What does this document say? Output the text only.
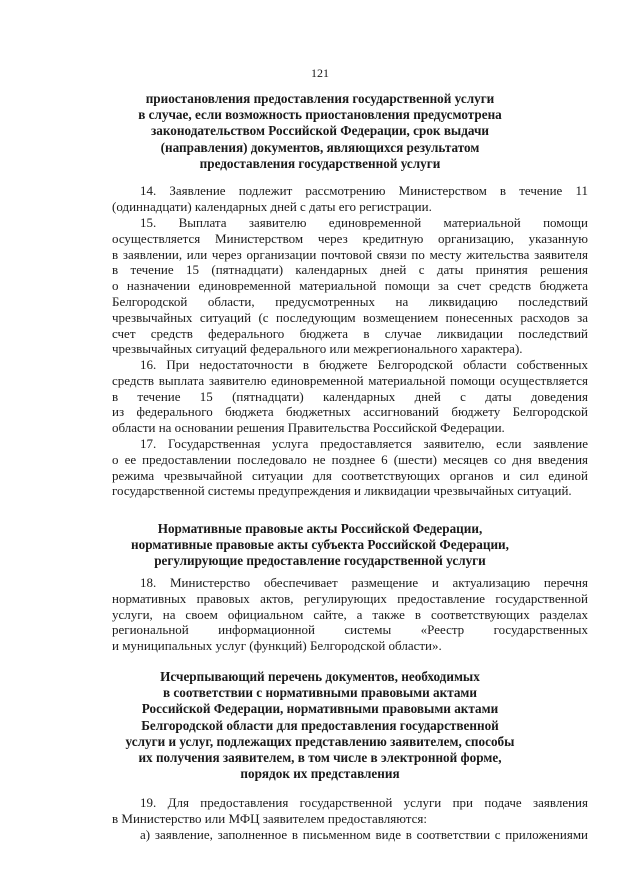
121
приостановления предоставления государственной услуги
в случае, если возможность приостановления предусмотрена
законодательством Российской Федерации, срок выдачи
(направления) документов, являющихся результатом
предоставления государственной услуги
14. Заявление подлежит рассмотрению Министерством в течение 11
(одиннадцати) календарных дней с даты его регистрации.
15. Выплата заявителю единовременной материальной помощи
осуществляется Министерством через кредитную организацию, указанную
в заявлении, или через организации почтовой связи по месту жительства заявителя
в течение 15 (пятнадцати) календарных дней с даты принятия решения
о назначении единовременной материальной помощи за счет средств бюджета
Белгородской области, предусмотренных на ликвидацию последствий
чрезвычайных ситуаций (с последующим возмещением понесенных расходов за
счет средств федерального бюджета в случае ликвидации последствий
чрезвычайных ситуаций федерального или межрегионального характера).
16. При недостаточности в бюджете Белгородской области собственных
средств выплата заявителю единовременной материальной помощи осуществляется
в течение 15 (пятнадцати) календарных дней с даты доведения
из федерального бюджета бюджетных ассигнований бюджету Белгородской
области на основании решения Правительства Российской Федерации.
17. Государственная услуга предоставляется заявителю, если заявление
о ее предоставлении последовало не позднее 6 (шести) месяцев со дня введения
режима чрезвычайной ситуации для соответствующих органов и сил единой
государственной системы предупреждения и ликвидации чрезвычайных ситуаций.
Нормативные правовые акты Российской Федерации,
нормативные правовые акты субъекта Российской Федерации,
регулирующие предоставление государственной услуги
18. Министерство обеспечивает размещение и актуализацию перечня
нормативных правовых актов, регулирующих предоставление государственной
услуги, на своем официальном сайте, а также в соответствующих разделах
региональной информационной системы «Реестр государственных
и муниципальных услуг (функций) Белгородской области».
Исчерпывающий перечень документов, необходимых
в соответствии с нормативными правовыми актами
Российской Федерации, нормативными правовыми актами
Белгородской области для предоставления государственной
услуги и услуг, подлежащих представлению заявителем, способы
их получения заявителем, в том числе в электронной форме,
порядок их представления
19. Для предоставления государственной услуги при подаче заявления
в Министерство или МФЦ заявителем предоставляются:
а) заявление, заполненное в письменном виде в соответствии с приложениями
